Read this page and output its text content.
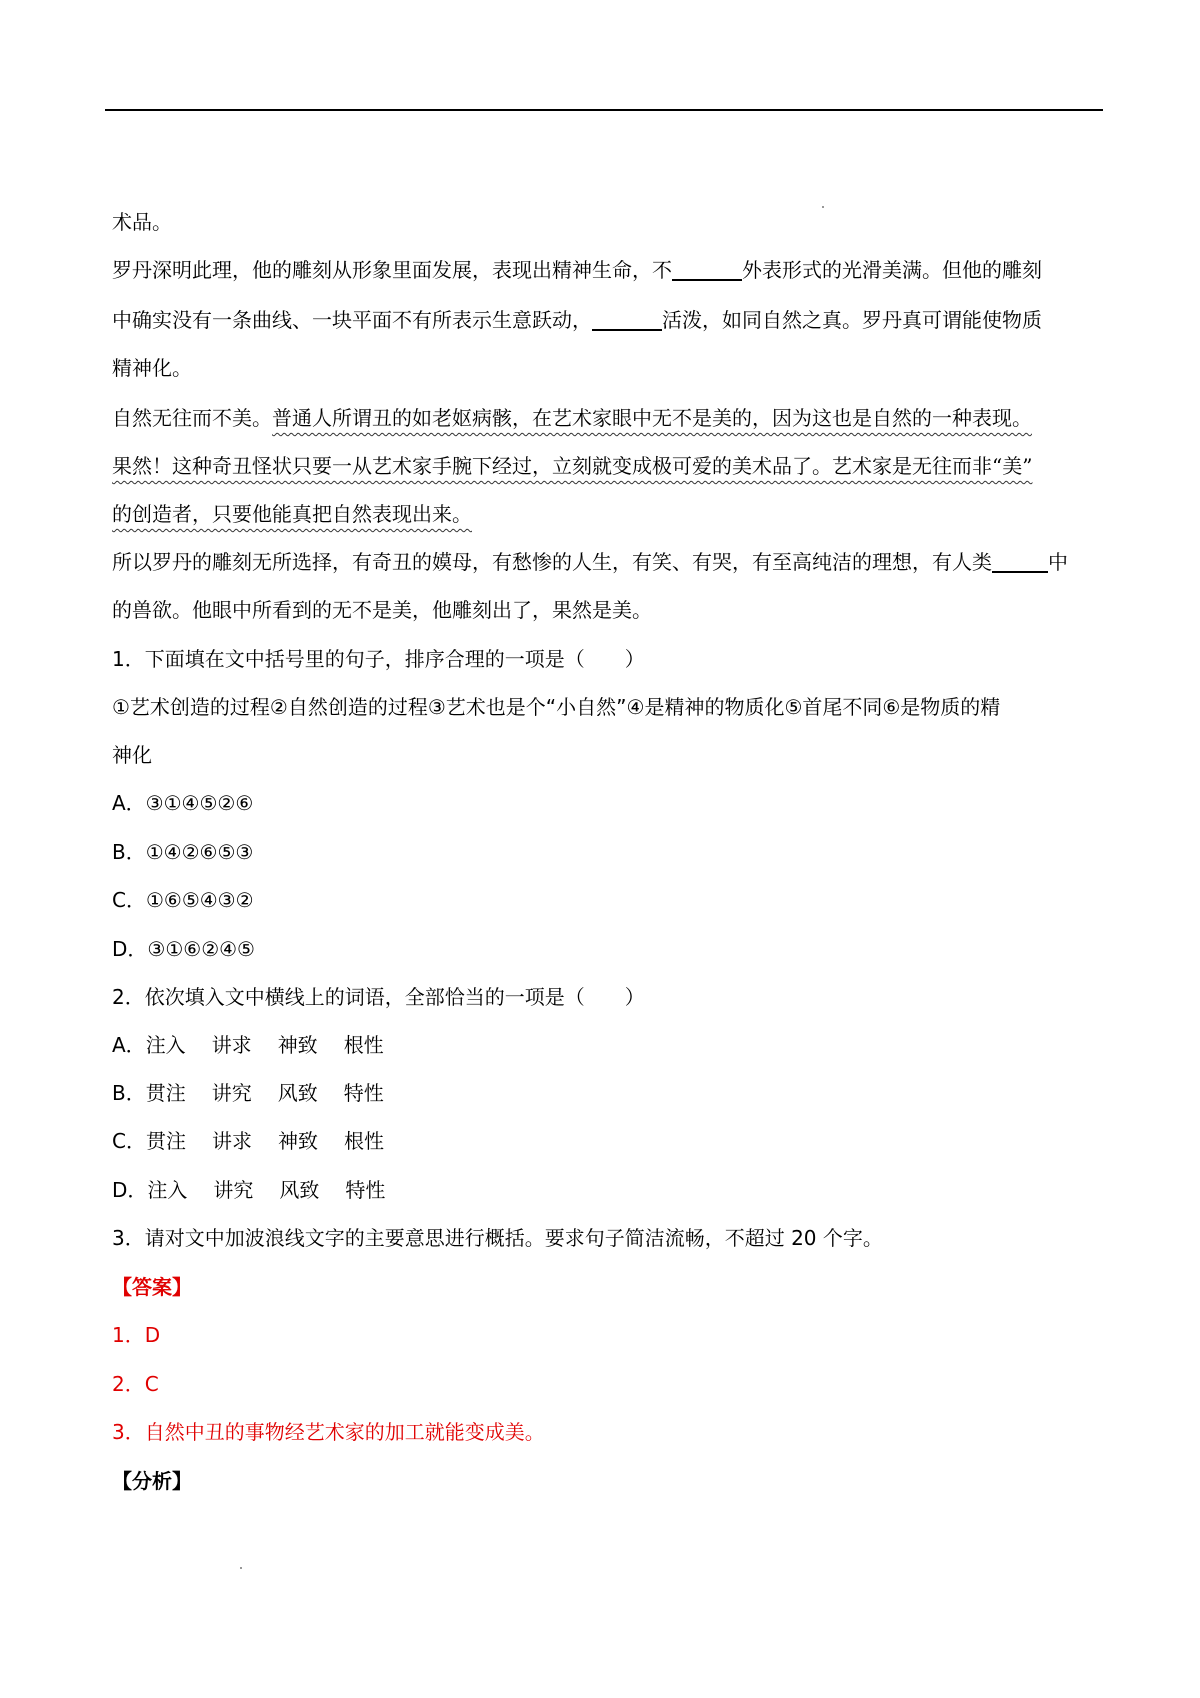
术品。
罗丹深明此理，他的雕刻从形象里面发展，表现出精神生命，不	外表形式的光滑美满。但他的雕刻
中确实没有一条曲线、一块平面不有所表示生意跃动，	活泼，如同自然之真。罗丹真可谓能使物质
精神化。
自然无往而不美。普通人所谓丑的如老妪病骸，在艺术家眼中无不是美的，因为这也是自然的一种表现。
果然！这种奇丑怪状只要一从艺术家手腕下经过，立刻就变成极可爱的美术品了。艺术家是无往而非“美”
的创造者，只要他能真把自然表现出来。
所以罗丹的雕刻无所选择，有奇丑的嫫母，有愁惨的人生，有笑、有哭，有至高纯洁的理想，有人类	中
的兽欲。他眼中所看到的无不是美，他雕刻出了，果然是美。
1．下面填在文中括号里的句子，排序合理的一项是（　　）
①艺术创造的过程②自然创造的过程③艺术也是个“小自然”④是精神的物质化⑤首尾不同⑥是物质的精
神化
A．③①④⑤②⑥
B．①④②⑥⑤③
C．①⑥⑤④③②
D．③①⑥②④⑤
2．依次填入文中横线上的词语，全部恰当的一项是（　　）
A．注入 讲求 神致 根性
B．贯注 讲究 风致 特性
C．贯注 讲求 神致 根性
D．注入 讲究 风致 特性
3．请对文中加波浪线文字的主要意思进行概括。要求句子简洁流畅，不超过 20 个字。
【答案】
1．D
2．C
3．自然中丑的事物经艺术家的加工就能变成美。
【分析】
